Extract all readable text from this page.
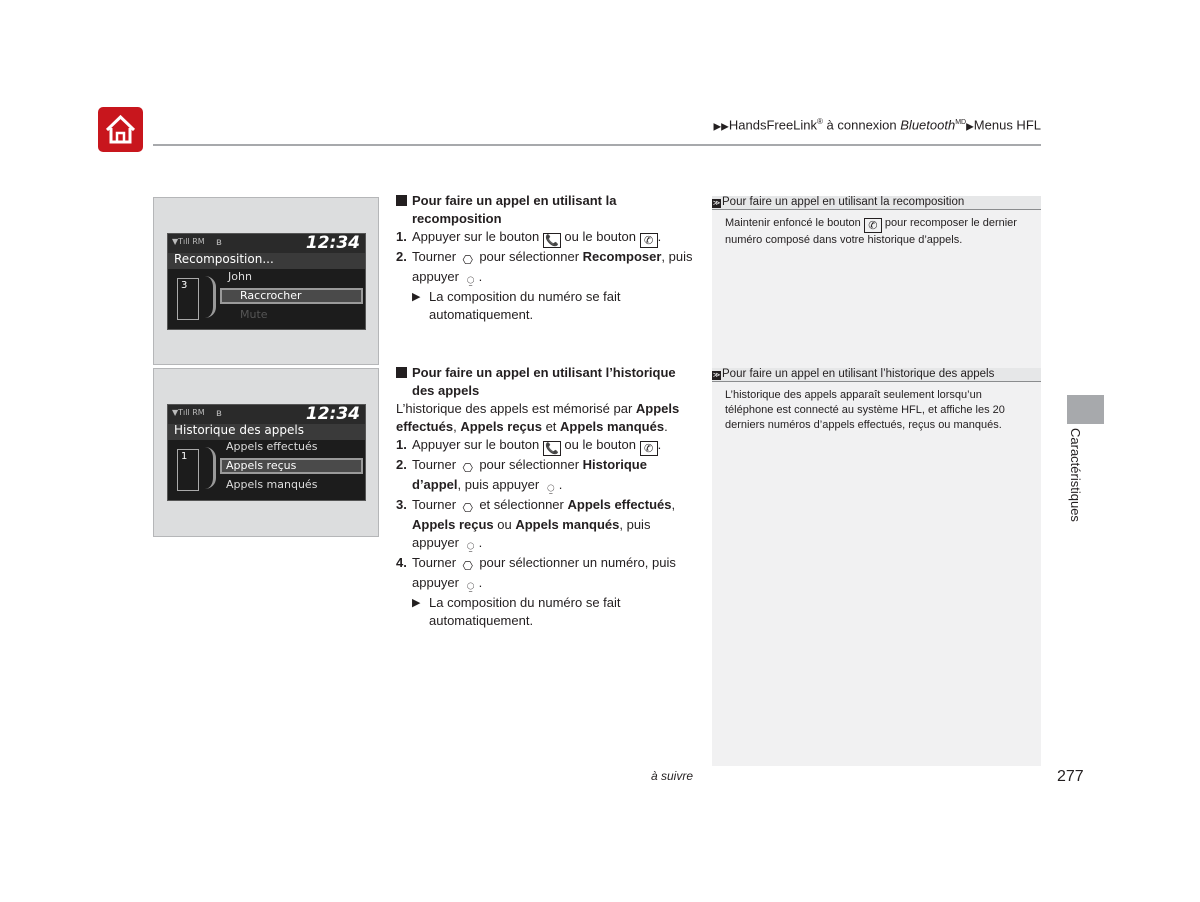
▶▶HandsFreeLink® à connexion Bluetooth$^{MD}$▶Menus HFL
▼Tıll RM ʙ	12:34
Recomposition...
3
John
Raccrocher
Mute
▼Tıll RM ʙ	12:34
Historique des appels
1
Appels effectués
Appels reçus
Appels manqués
Pour faire un appel en utilisant la recomposition
1. Appuyer sur le bouton 📞 ou le bouton ✆ .
2. Tourner ⎔ pour sélectionner Recomposer, puis appuyer ⍜ .
▶ La composition du numéro se fait automatiquement.
Pour faire un appel en utilisant l’historique des appels
L’historique des appels est mémorisé par Appels effectués, Appels reçus et Appels manqués.
1. Appuyer sur le bouton 📞 ou le bouton ✆ .
2. Tourner ⎔ pour sélectionner Historique d’appel, puis appuyer ⍜ .
3. Tourner ⎔ et sélectionner Appels effectués, Appels reçus ou Appels manqués, puis appuyer ⍜ .
4. Tourner ⎔ pour sélectionner un numéro, puis appuyer ⍜ .
▶ La composition du numéro se fait automatiquement.
≫ Pour faire un appel en utilisant la recomposition
Maintenir enfoncé le bouton ✆ pour recomposer le dernier numéro composé dans votre historique d’appels.
≫ Pour faire un appel en utilisant l’historique des appels
L’historique des appels apparaît seulement lorsqu’un téléphone est connecté au système HFL, et affiche les 20 derniers numéros d’appels effectués, reçus ou manqués.
Caractéristiques
à suivre	277
